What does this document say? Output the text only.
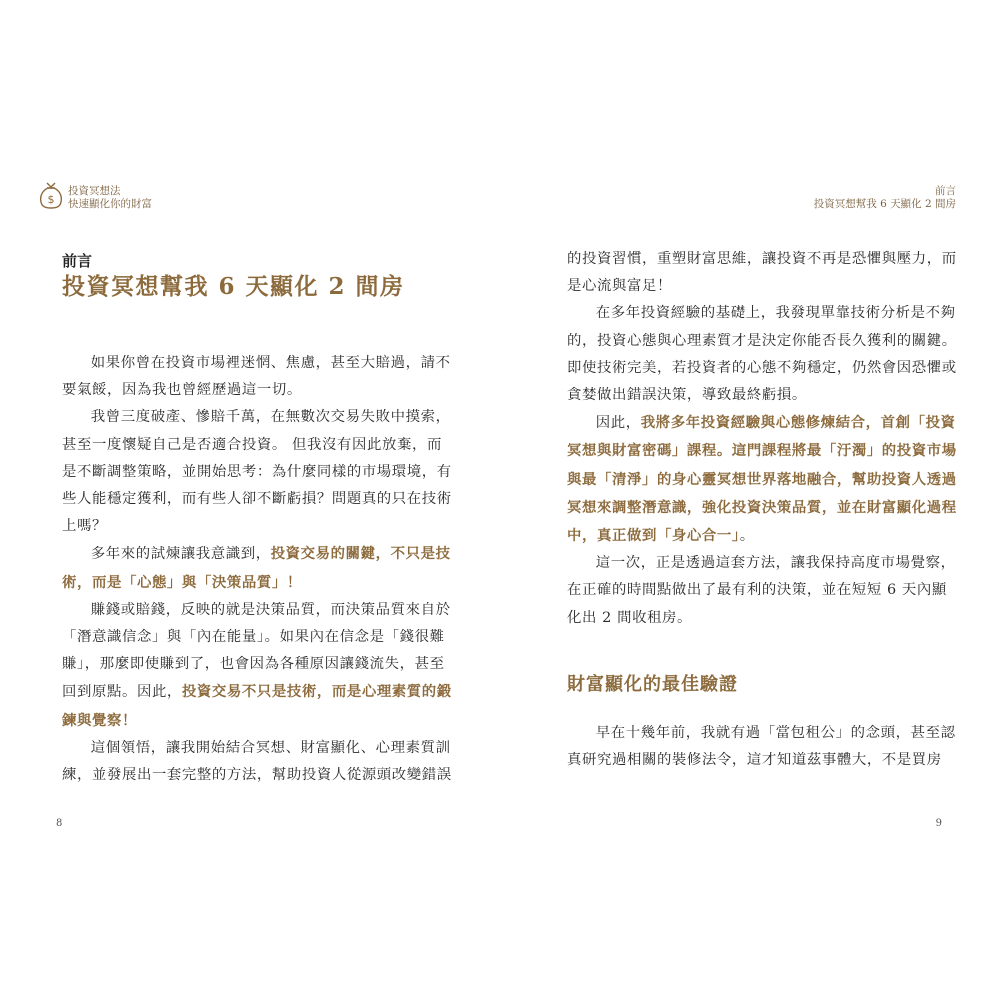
$
投資冥想法
快速顯化你的財富
前言
投資冥想幫我 6 天顯化 2 間房
前言
投資冥想幫我 6 天顯化 2 間房

如果你曾在投資市場裡迷惘、焦慮，甚至大賠過，請不要氣餒，因為我也曾經歷過這一切。

我曾三度破產、慘賠千萬，在無數次交易失敗中摸索，甚至一度懷疑自己是否適合投資。 但我沒有因此放棄，而是不斷調整策略，並開始思考：為什麼同樣的市場環境，有些人能穩定獲利，而有些人卻不斷虧損？問題真的只在技術上嗎？

多年來的試煉讓我意識到，投資交易的關鍵，不只是技術，而是「心態」與「決策品質」！

賺錢或賠錢，反映的就是決策品質，而決策品質來自於「潛意識信念」與「內在能量」。如果內在信念是「錢很難賺」，那麼即使賺到了，也會因為各種原因讓錢流失，甚至回到原點。因此，投資交易不只是技術，而是心理素質的鍛鍊與覺察！

這個領悟，讓我開始結合冥想、財富顯化、心理素質訓練，並發展出一套完整的方法，幫助投資人從源頭改變錯誤

的投資習慣，重塑財富思維，讓投資不再是恐懼與壓力，而是心流與富足！

在多年投資經驗的基礎上，我發現單靠技術分析是不夠的，投資心態與心理素質才是決定你能否長久獲利的關鍵。即使技術完美，若投資者的心態不夠穩定，仍然會因恐懼或貪婪做出錯誤決策，導致最終虧損。

因此，我將多年投資經驗與心態修煉結合，首創「投資冥想與財富密碼」課程。這門課程將最「汙濁」的投資市場與最「清淨」的身心靈冥想世界落地融合，幫助投資人透過冥想來調整潛意識，強化投資決策品質，並在財富顯化過程中，真正做到「身心合一」。

這一次，正是透過這套方法，讓我保持高度市場覺察，在正確的時間點做出了最有利的決策，並在短短 6 天內顯化出 2 間收租房。

財富顯化的最佳驗證

早在十幾年前，我就有過「當包租公」的念頭，甚至認真研究過相關的裝修法令，這才知道茲事體大，不是買房

8	9
